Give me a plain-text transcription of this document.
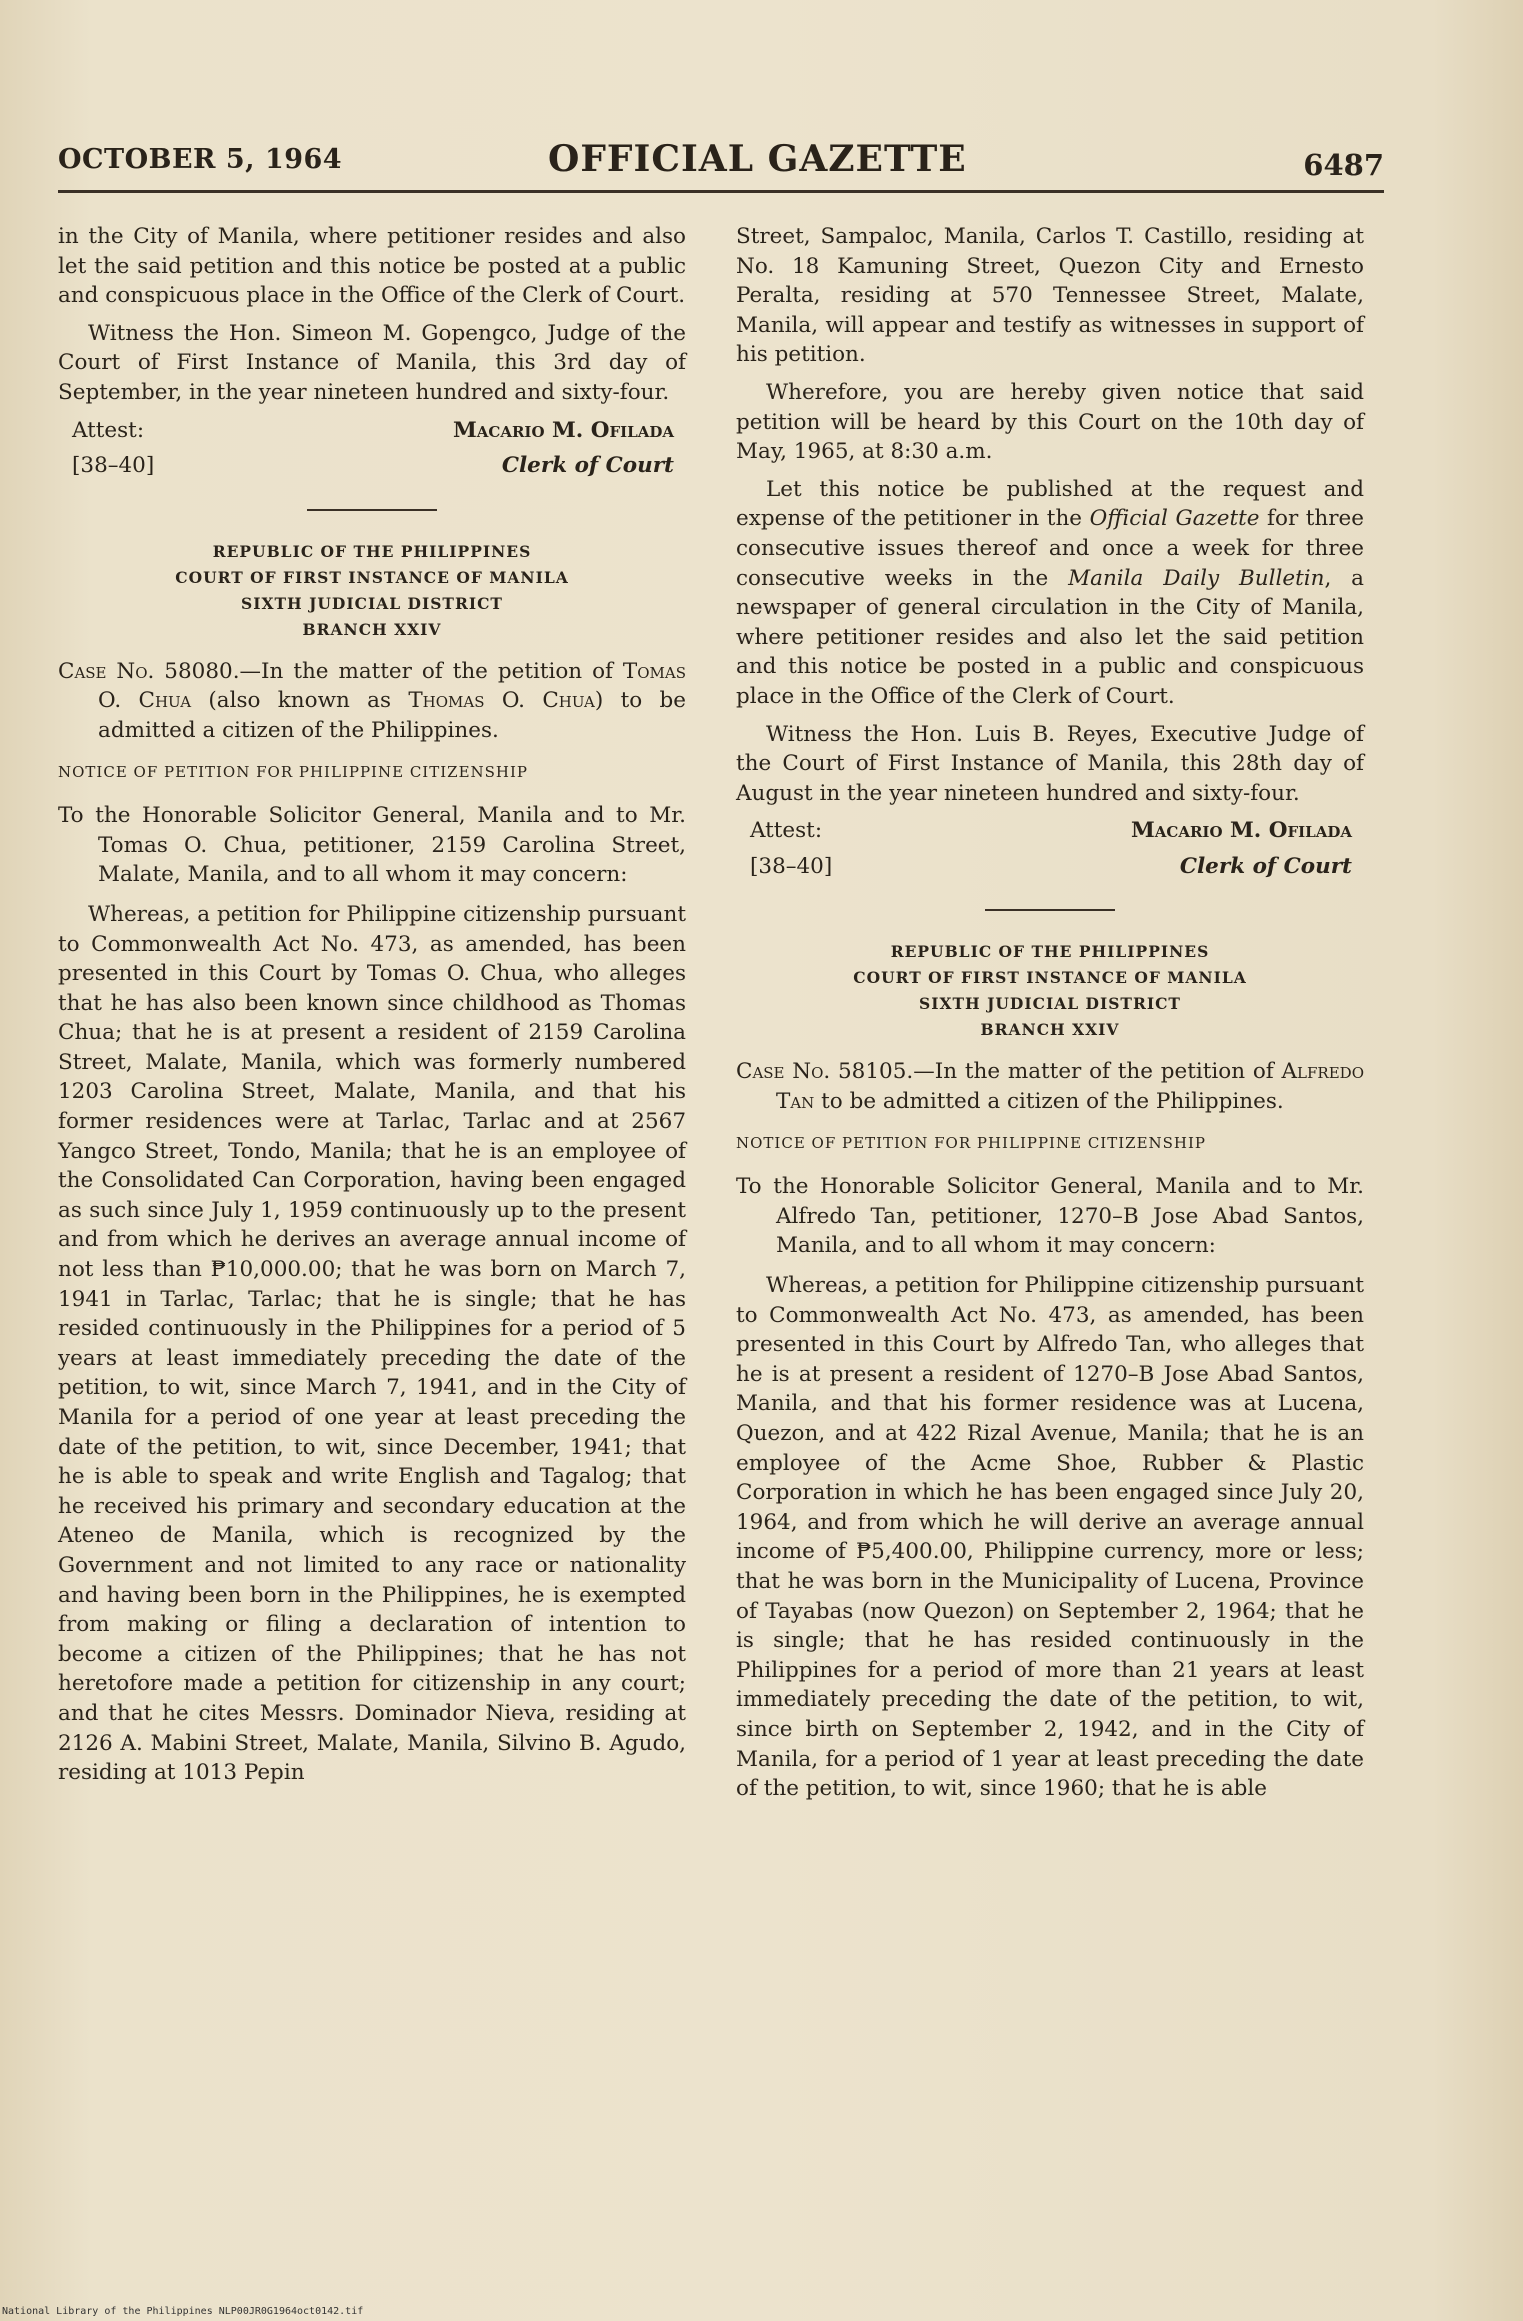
OCTOBER 5, 1964	OFFICIAL GAZETTE	6487

in the City of Manila, where petitioner resides and also let the said petition and this notice be posted at a public and conspicuous place in the Office of the Clerk of Court.

Witness the Hon. Simeon M. Gopengco, Judge of the Court of First Instance of Manila, this 3rd day of September, in the year nineteen hundred and sixty-four.

Attest:	Macario M. Ofilada
[38–40]	Clerk of Court
REPUBLIC OF THE PHILIPPINES
COURT OF FIRST INSTANCE OF MANILA
SIXTH JUDICIAL DISTRICT
BRANCH XXIV
Case No. 58080.—In the matter of the petition of Tomas O. Chua (also known as Thomas O. Chua) to be admitted a citizen of the Philippines.

NOTICE OF PETITION FOR PHILIPPINE CITIZENSHIP

To the Honorable Solicitor General, Manila and to Mr. Tomas O. Chua, petitioner, 2159 Carolina Street, Malate, Manila, and to all whom it may concern:

Whereas, a petition for Philippine citizenship pursuant to Commonwealth Act No. 473, as amended, has been presented in this Court by Tomas O. Chua, who alleges that he has also been known since childhood as Thomas Chua; that he is at present a resident of 2159 Carolina Street, Malate, Manila, which was formerly numbered 1203 Carolina Street, Malate, Manila, and that his former residences were at Tarlac, Tarlac and at 2567 Yangco Street, Tondo, Manila; that he is an employee of the Consolidated Can Corporation, having been engaged as such since July 1, 1959 continuously up to the present and from which he derives an average annual income of not less than ₱10,000.00; that he was born on March 7, 1941 in Tarlac, Tarlac; that he is single; that he has resided continuously in the Philippines for a period of 5 years at least immediately preceding the date of the petition, to wit, since March 7, 1941, and in the City of Manila for a period of one year at least preceding the date of the petition, to wit, since December, 1941; that he is able to speak and write English and Tagalog; that he received his primary and secondary education at the Ateneo de Manila, which is recognized by the Government and not limited to any race or nationality and having been born in the Philippines, he is exempted from making or filing a declaration of intention to become a citizen of the Philippines; that he has not heretofore made a petition for citizenship in any court; and that he cites Messrs. Dominador Nieva, residing at 2126 A. Mabini Street, Malate, Manila, Silvino B. Agudo, residing at 1013 Pepin

Street, Sampaloc, Manila, Carlos T. Castillo, residing at No. 18 Kamuning Street, Quezon City and Ernesto Peralta, residing at 570 Tennessee Street, Malate, Manila, will appear and testify as witnesses in support of his petition.

Wherefore, you are hereby given notice that said petition will be heard by this Court on the 10th day of May, 1965, at 8:30 a.m.

Let this notice be published at the request and expense of the petitioner in the Official Gazette for three consecutive issues thereof and once a week for three consecutive weeks in the Manila Daily Bulletin, a newspaper of general circulation in the City of Manila, where petitioner resides and also let the said petition and this notice be posted in a public and conspicuous place in the Office of the Clerk of Court.

Witness the Hon. Luis B. Reyes, Executive Judge of the Court of First Instance of Manila, this 28th day of August in the year nineteen hundred and sixty-four.

Attest:	Macario M. Ofilada
[38–40]	Clerk of Court
REPUBLIC OF THE PHILIPPINES
COURT OF FIRST INSTANCE OF MANILA
SIXTH JUDICIAL DISTRICT
BRANCH XXIV
Case No. 58105.—In the matter of the petition of Alfredo Tan to be admitted a citizen of the Philippines.

NOTICE OF PETITION FOR PHILIPPINE CITIZENSHIP

To the Honorable Solicitor General, Manila and to Mr. Alfredo Tan, petitioner, 1270–B Jose Abad Santos, Manila, and to all whom it may concern:

Whereas, a petition for Philippine citizenship pursuant to Commonwealth Act No. 473, as amended, has been presented in this Court by Alfredo Tan, who alleges that he is at present a resident of 1270–B Jose Abad Santos, Manila, and that his former residence was at Lucena, Quezon, and at 422 Rizal Avenue, Manila; that he is an employee of the Acme Shoe, Rubber & Plastic Corporation in which he has been engaged since July 20, 1964, and from which he will derive an average annual income of ₱5,400.00, Philippine currency, more or less; that he was born in the Municipality of Lucena, Province of Tayabas (now Quezon) on September 2, 1964; that he is single; that he has resided continuously in the Philippines for a period of more than 21 years at least immediately preceding the date of the petition, to wit, since birth on September 2, 1942, and in the City of Manila, for a period of 1 year at least preceding the date of the petition, to wit, since 1960; that he is able

National Library of the Philippines NLP00JR0G1964oct0142.tif
